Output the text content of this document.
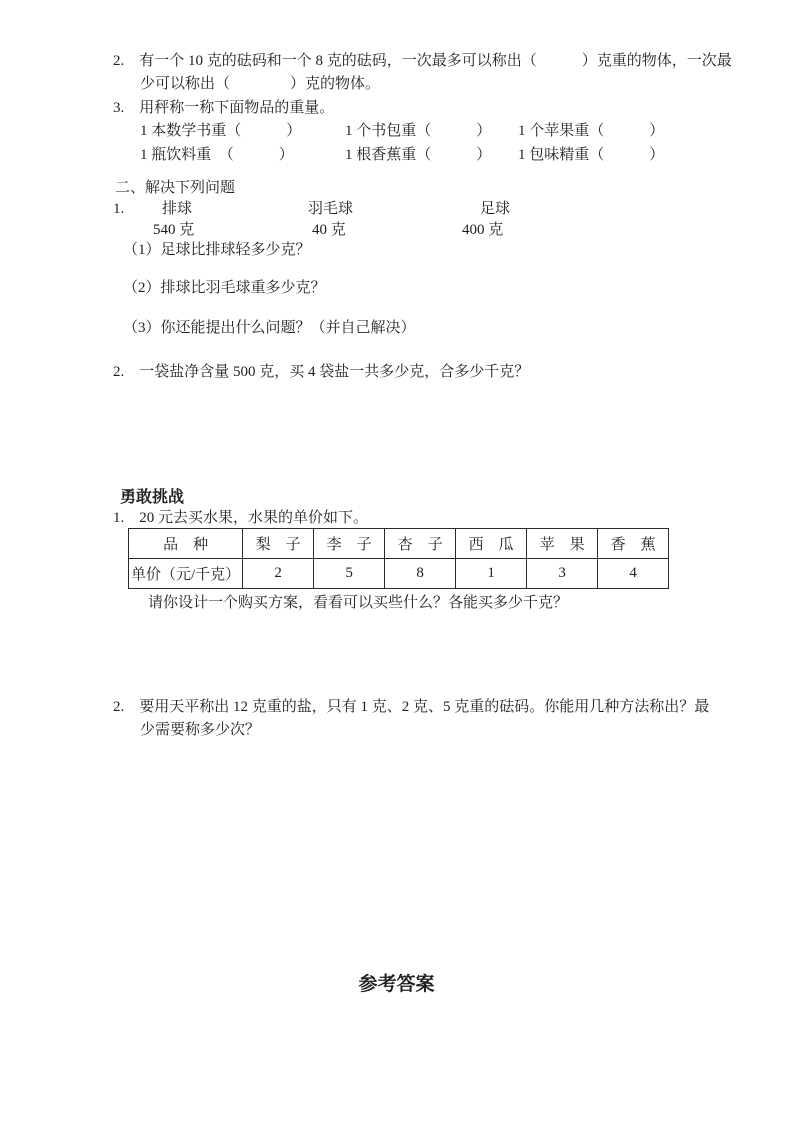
2.　有一个 10 克的砝码和一个 8 克的砝码，一次最多可以称出（　　　）克重的物体，一次最
少可以称出（　　　　）克的物体。
3.　用秤称一称下面物品的重量。
1 本数学书重（　　　）	1 个书包重（　　　） 1 个苹果重（　　　）
1 瓶饮料重　（　　　）	1 根香蕉重（　　　） 1 包味精重（　　　）
二、解决下列问题
1.	排球	羽毛球	足球
540 克	40 克	400 克
（1）足球比排球轻多少克？
（2）排球比羽毛球重多少克？
（3）你还能提出什么问题？（并自己解决）
2.　一袋盐净含量 500 克，买 4 袋盐一共多少克，合多少千克？
勇敢挑战
1.　20 元去买水果，水果的单价如下。
品　种	梨　子	李　子	杏　子	西　瓜	苹　果	香　蕉
单价（元/千克）	2	5	8	1	3	4
请你设计一个购买方案，看看可以买些什么？各能买多少千克？
2.　要用天平称出 12 克重的盐，只有 1 克、2 克、5 克重的砝码。你能用几种方法称出？最
少需要称多少次？
参考答案
